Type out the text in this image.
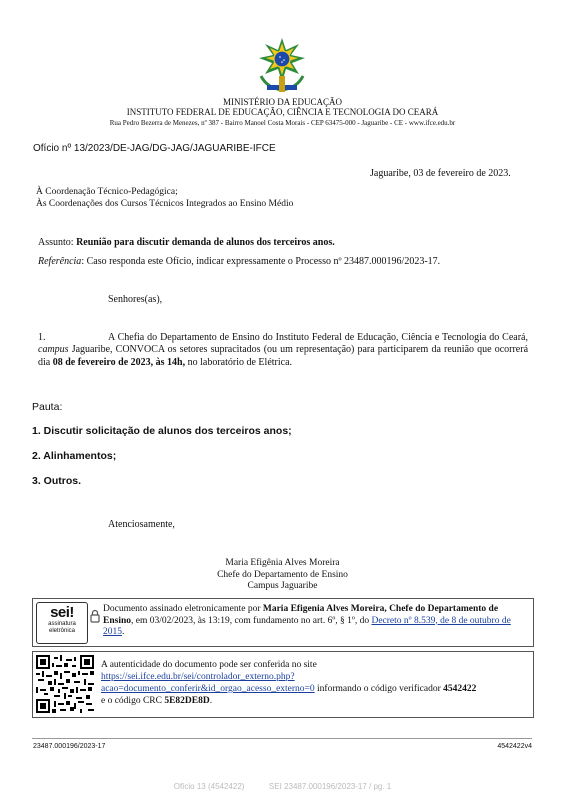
MINISTÉRIO DA EDUCAÇÃO
INSTITUTO FEDERAL DE EDUCAÇÃO, CIÊNCIA E TECNOLOGIA DO CEARÁ
Rua Pedro Bezerra de Menezes, nº 387 - Bairro Manoel Costa Morais - CEP 63475-000 - Jaguaribe - CE - www.ifce.edu.br
Ofício nº 13/2023/DE-JAG/DG-JAG/JAGUARIBE-IFCE
Jaguaribe, 03 de fevereiro de 2023.
À Coordenação Técnico-Pedagógica;
Às Coordenações dos Cursos Técnicos Integrados ao Ensino Médio
Assunto: Reunião para discutir demanda de alunos dos terceiros anos.
Referência: Caso responda este Ofício, indicar expressamente o Processo nº 23487.000196/2023-17.
Senhores(as),
1.	A Chefia do Departamento de Ensino do Instituto Federal de Educação, Ciência e Tecnologia do Ceará, campus Jaguaribe, CONVOCA os setores supracitados (ou um representação) para participarem da reunião que ocorrerá dia 08 de fevereiro de 2023, às 14h, no laboratório de Elétrica.
Pauta:
1. Discutir solicitação de alunos dos terceiros anos;
2. Alinhamentos;
3. Outros.
Atenciosamente,
Maria Efigênia Alves Moreira
Chefe do Departamento de Ensino
Campus Jaguaribe
sei!
assinatura
eletrônica
Documento assinado eletronicamente por Maria Efigenia Alves Moreira, Chefe do Departamento de Ensino, em 03/02/2023, às 13:19, com fundamento no art. 6º, § 1º, do Decreto nº 8.539, de 8 de outubro de 2015.
A autenticidade do documento pode ser conferida no site
https://sei.ifce.edu.br/sei/controlador_externo.php?
acao=documento_conferir&id_orgao_acesso_externo=0 informando o código verificador 4542422
e o código CRC 5E82DE8D.
23487.000196/2023-17	4542422v4
Ofício 13 (4542422)	SEI 23487.000196/2023-17 / pg. 1
